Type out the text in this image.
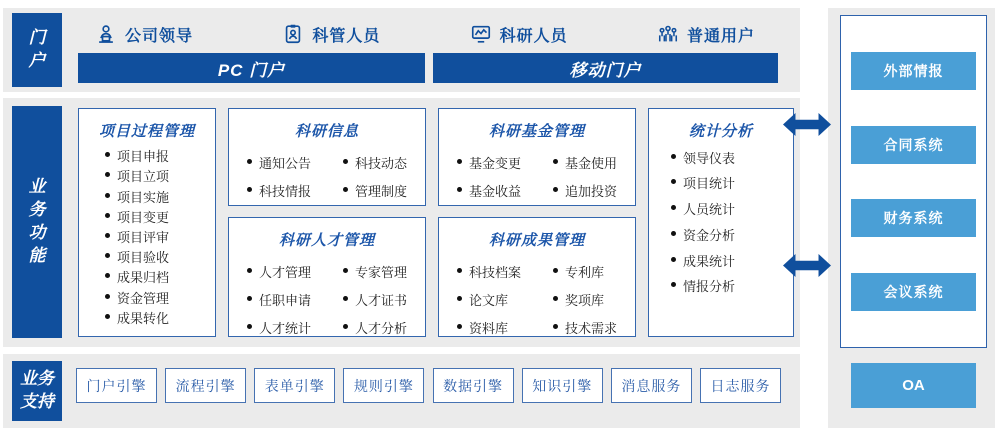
门户
公司领导	科管人员	科研人员	普通用户
PC 门户	移动门户
业务功能
项目过程管理
项目申报
项目立项
项目实施
项目变更
项目评审
项目验收
成果归档
资金管理
成果转化
科研信息
通知公告	科技动态
科技情报	管理制度
科研人才管理
人才管理	专家管理
任职申请	人才证书
人才统计	人才分析
科研基金管理
基金变更	基金使用
基金收益	追加投资
科研成果管理
科技档案	专利库
论文库	奖项库
资料库	技术需求
统计分析
领导仪表
项目统计
人员统计
资金分析
成果统计
情报分析
业务支持
门户引擎	流程引擎	表单引擎	规则引擎	数据引擎	知识引擎	消息服务	日志服务
外部情报
合同系统
财务系统
会议系统
OA
